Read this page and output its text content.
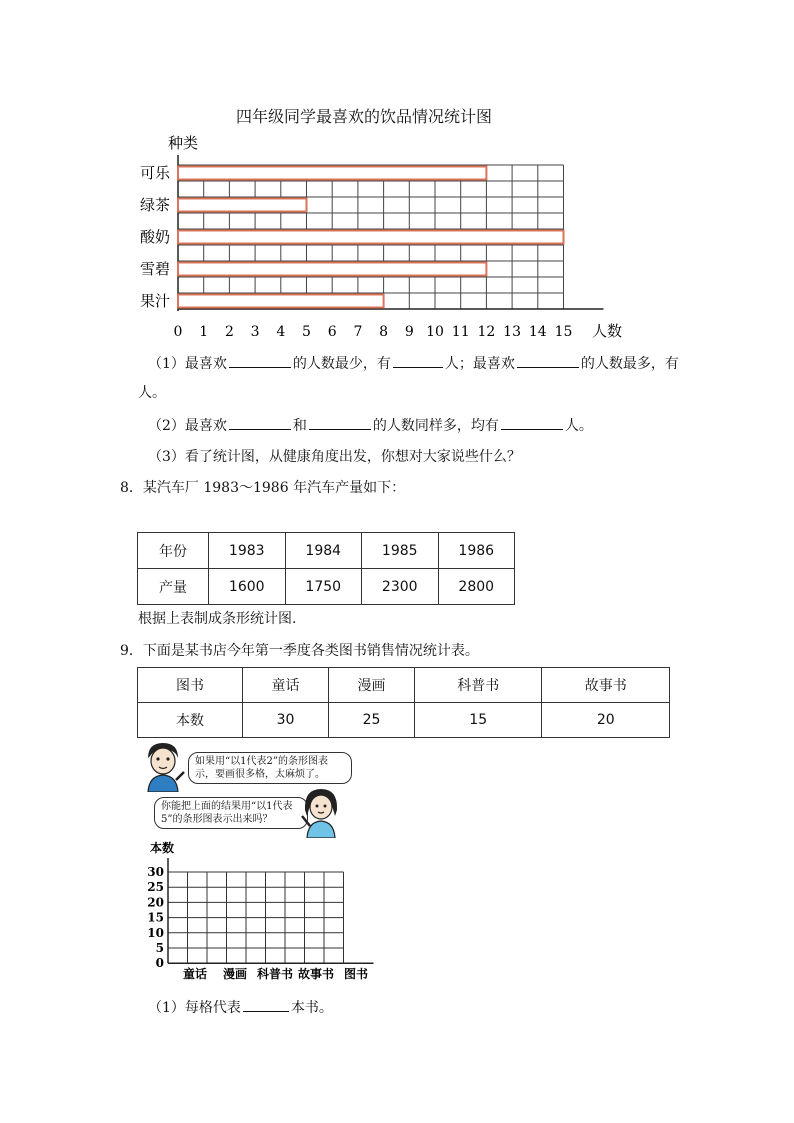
四年级同学最喜欢的饮品情况统计图
种类
可乐
绿茶
酸奶
雪碧
果汁
0 1 2 3 4 5 6 7 8 9 10 11 12 13 14 15 人数
（1）最喜欢	的人数最少，有	人；最喜欢	的人数最多，有
人。
（2）最喜欢	和	的人数同样多，均有	人。
（3）看了统计图，从健康角度出发，你想对大家说些什么？
8．某汽车厂 1983～1986 年汽车产量如下：
年份	1983	1984	1985	1986
产量	1600	1750	2300	2800
根据上表制成条形统计图.
9．下面是某书店今年第一季度各类图书销售情况统计表。
图书	童话	漫画	科普书	故事书
本数	30	25	15	20
如果用“以1代表2”的条形图表示，要画很多格，太麻烦了。
你能把上面的结果用“以1代表5”的条形图表示出来吗？
本数
30
25
20
15
10
5
0
童话 漫画 科普书 故事书 图书
（1）每格代表	本书。
